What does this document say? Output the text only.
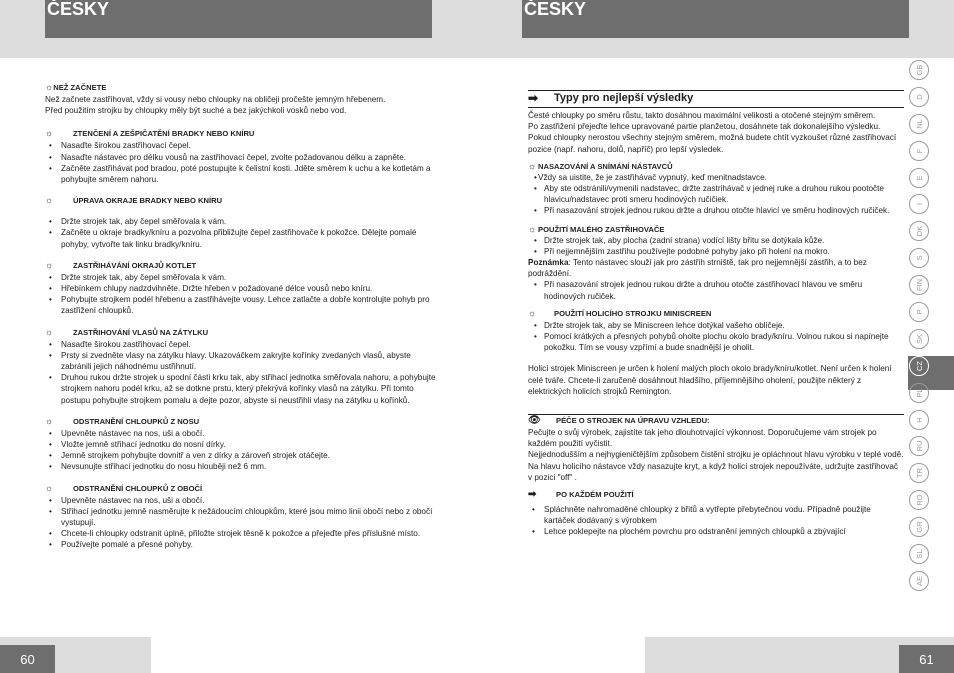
ČESKY	ČESKY
☼ NEŽ ZAČNETE

Než začnete zastřihovat, vždy si vousy nebo chloupky na obličeji pročešte jemným hřebenem.

Před použitím strojku by chloupky měly být suché a bez jakýchkoli vosků nebo vod.

☼	ZTENČENÍ A ZEŠPIČATĚNÍ BRADKY NEBO KNÍRU
• Nasaďte širokou zastřihovací čepel.
• Nasaďte nástavec pro délku vousů na zastřihovací čepel, zvolte požadovanou délku a zapněte.
• Začněte zastřihávat pod bradou, poté postupujte k čelistní kosti. Jděte směrem k uchu a ke kotletám a pohybujte směrem nahoru.
☼	ÚPRAVA OKRAJE BRADKY NEBO KNÍRU
• Držte strojek tak, aby čepel směřovala k vám.
• Začněte u okraje bradky/kníru a pozvolna přibližujte čepel zastřihovače k pokožce. Dělejte pomalé pohyby, vytvořte tak linku bradky/kníru.
☼	ZASTŘIHÁVÁNÍ OKRAJŮ KOTLET
• Držte strojek tak, aby čepel směřovala k vám.
• Hřebínkem chlupy nadzdvihněte. Držte hřeben v požadované délce vousů nebo kníru.
• Pohybujte strojkem podél hřebenu a zastřihávejte vousy. Lehce zatlačte a dobře kontrolujte pohyb pro zastřižení chloupků.
☼	ZASTŘIHOVÁNÍ VLASŮ NA ZÁTYLKU
• Nasaďte širokou zastřihovací čepel.
• Prsty si zvedněte vlasy na zátylku hlavy. Ukazováčkem zakryjte kořínky zvedaných vlasů, abyste zabránili jejich náhodnému ustřihnutí.
• Druhou rukou držte strojek u spodní části krku tak, aby střihací jednotka směřovala nahoru, a pohybujte strojkem nahoru podél krku, až se dotkne prstu, který překrývá kořínky vlasů na zátylku. Při tomto postupu pohybujte strojkem pomalu a dejte pozor, abyste si neustřihli vlasy na zátylku u kořínků.
☼	ODSTRANĚNÍ CHLOUPKŮ Z NOSU
• Upevněte nástavec na nos, uši a obočí.
• Vložte jemně střihací jednotku do nosní dírky.
• Jemně strojkem pohybujte dovnitř a ven z dírky a zároveň strojek otáčejte.
• Nevsunujte střihací jednotku do nosu hlouběji než 6 mm.
☼	ODSTRANĚNÍ CHLOUPKŮ Z OBOČÍ
• Upevněte nástavec na nos, uši a obočí.
• Střihací jednotku jemně nasměrujte k nežádoucím chloupkům, které jsou mimo linii obočí nebo z obočí vystupují.
• Chcete-li chloupky odstranit úplně, přiložte strojek těsně k pokožce a přejeďte přes příslušné místo.
• Používejte pomalé a přesné pohyby.
➡	Typy pro nejlepší výsledky

Česté chloupky po směru růstu, takto dosáhnou maximální velikosti a otočené stejným směrem.

Po zastřižení přejeďte lehce upravované partie planžetou, dosáhnete tak dokonalejšího výsledku.

Pokud chloupky nerostou všechny stejným směrem, možná budete chtít vyzkoušet různé zastřihovací pozice (např. nahoru, dolů, napříč) pro lepší výsledek.

☼ NASAZOVÁNÍ A SNÍMÁNÍ NÁSTAVCŮ
• Vždy sa uistite, že je zastřihávač vypnutý, keď menitnadstavce.
• Aby ste odstránili/vymenili nadstavec, držte zastrihávač v jednej ruke a druhou rukou pootočte hlavicu/nadstavec proti smeru hodinových ručičiek.
• Při nasazování strojek jednou rukou držte a druhou otočte hlavicí ve směru hodinových ručiček.
☼ POUŽITÍ MALÉHO ZASTŘIHOVAČE
• Držte strojek tak, aby plocha (zadní strana) vodící lišty břitu se dotýkala kůže.
• Při nejjemnějším zastřihu používejte podobné pohyby jako při holení na mokro.

Poznámka: Tento nástavec slouží jak pro zástřih strniště, tak pro nejjemnější zástřih, a to bez podráždění.

• Při nasazování strojek jednou rukou držte a druhou otočte zastřihovací hlavou ve směru hodinových ručiček.
☼ POUŽITÍ HOLICÍHO STROJKU MINISCREEN
• Držte strojek tak, aby se Miniscreen lehce dotýkal vašeho obličeje.
• Pomocí krátkých a přesných pohybů oholte plochu okolo brady/kníru. Volnou rukou si napínejte pokožku. Tím se vousy vzpřímí a bude snadnější je oholit.

Holicí strojek Miniscreen je určen k holení malých ploch okolo brady/kníru/kotlet. Není určen k holení celé tváře. Chcete-li zaručeně dosáhnout hladšího, příjemnějšího oholení, použijte některý z elektrických holicích strojků Remington.

👁	PÉČE O STROJEK NA ÚPRAVU VZHLEDU:

Pečujte o svůj výrobek, zajistíte tak jeho dlouhotrvající výkonnost. Doporučujeme vám strojek po každém použití vyčistit.

Nejjednodušším a nejhygieničtějším způsobem čistění strojku je opláchnout hlavu výrobku v teplé vodě. Na hlavu holicího nástavce vždy nasazujte kryt, a když holicí strojek nepoužíváte, udržujte zastřihovač v pozici "off" .

➡	PO KAŽDÉM POUŽITÍ
• Spláchněte nahromaděné chloupky z břitů a vytřepte přebytečnou vodu. Případně použijte kartáček dodávaný s výrobkem
• Lehce poklepejte na plochém povrchu pro odstranění jemných chloupků a zbývající
GB
D
NL
F
E
I
DK
S
FIN
P
SK
CZ
PL
H
RU
TR
RO
GR
SL
AE
60	61
